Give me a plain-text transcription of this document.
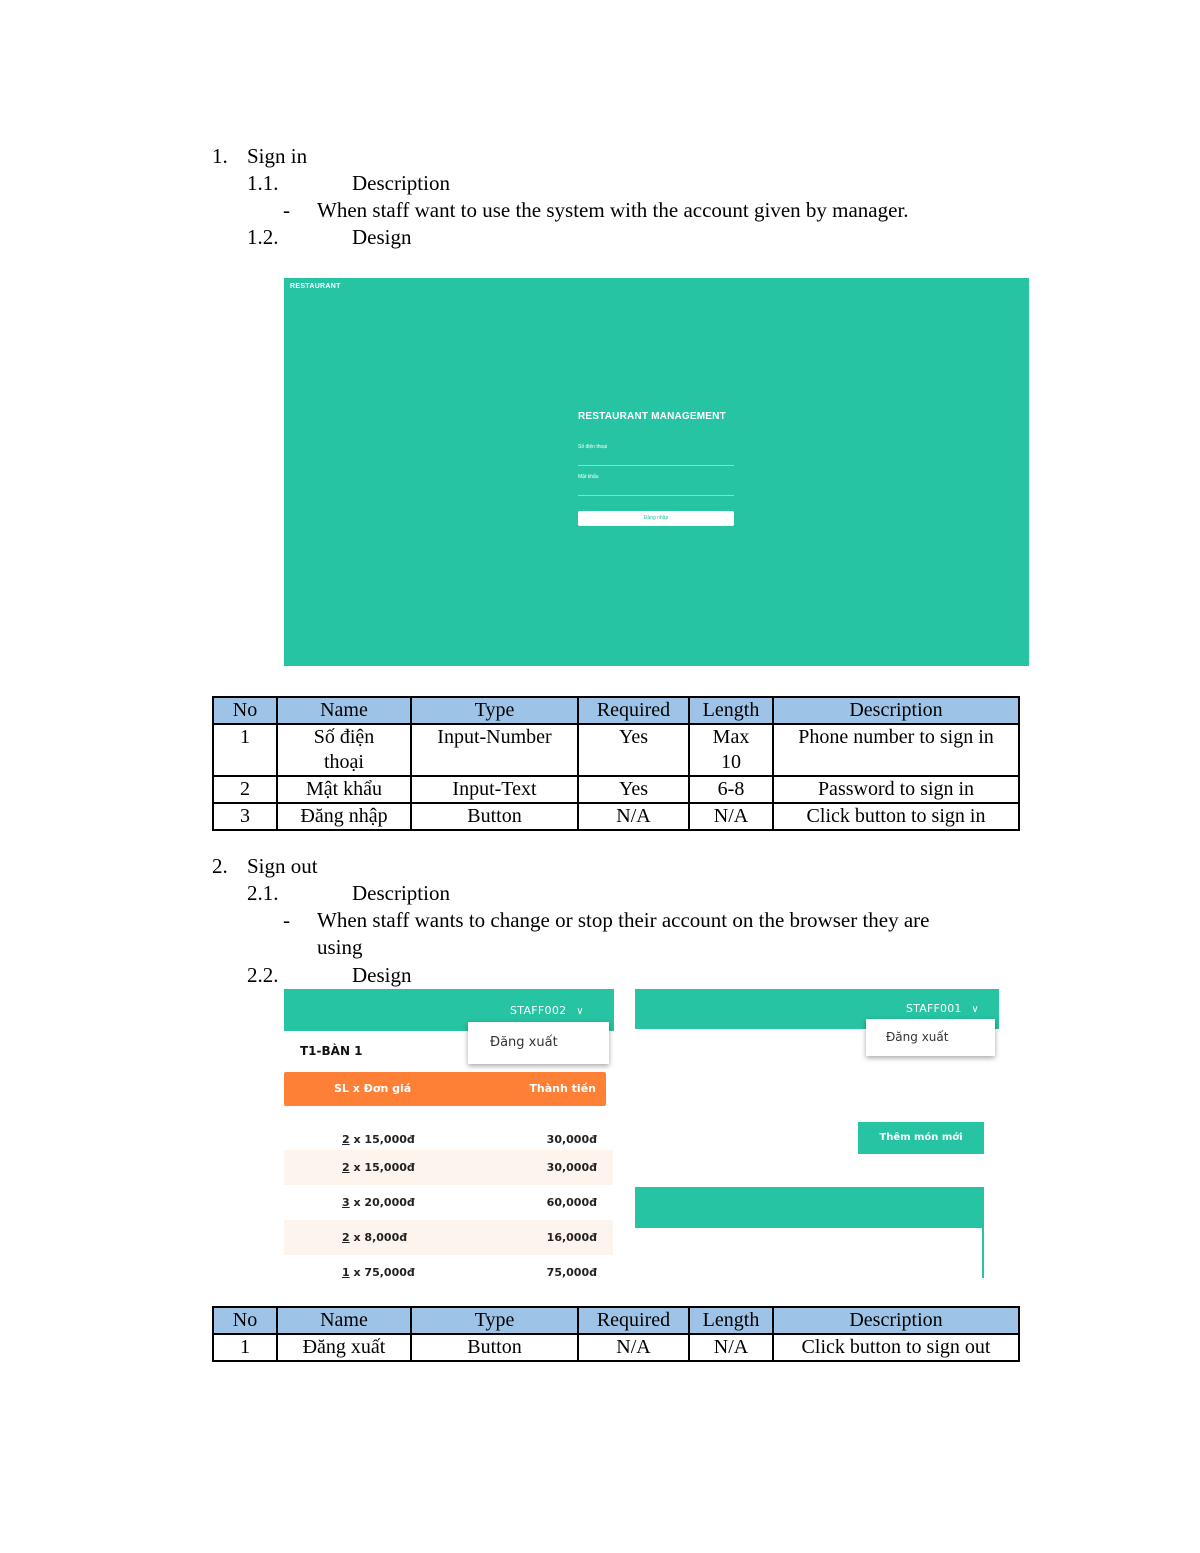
1. Sign in
1.1.	Description
- When staff want to use the system with the account given by manager.
1.2.	Design
RESTAURANT
RESTAURANT MANAGEMENT
Số điện thoại
Mật khẩu
Đăng nhập
No	Name	Type	Required	Length	Description
1	Số điện thoại	Input-Number	Yes	Max 10	Phone number to sign in
2	Mật khẩu	Input-Text	Yes	6-8	Password to sign in
3	Đăng nhập	Button	N/A	N/A	Click button to sign in
2. Sign out
2.1.	Description
- When staff wants to change or stop their account on the browser they are
using
2.2.	Design
STAFF002 ∨
T1-BÀN 1
SL x Đơn giá	Thành tiền
2 x 15,000đ	30,000đ
2 x 15,000đ	30,000đ
3 x 20,000đ	60,000đ
2 x 8,000đ	16,000đ
1 x 75,000đ	75,000đ
Đăng xuất
STAFF001 ∨
Đăng xuất
Thêm món mới
No	Name	Type	Required	Length	Description
1	Đăng xuất	Button	N/A	N/A	Click button to sign out
